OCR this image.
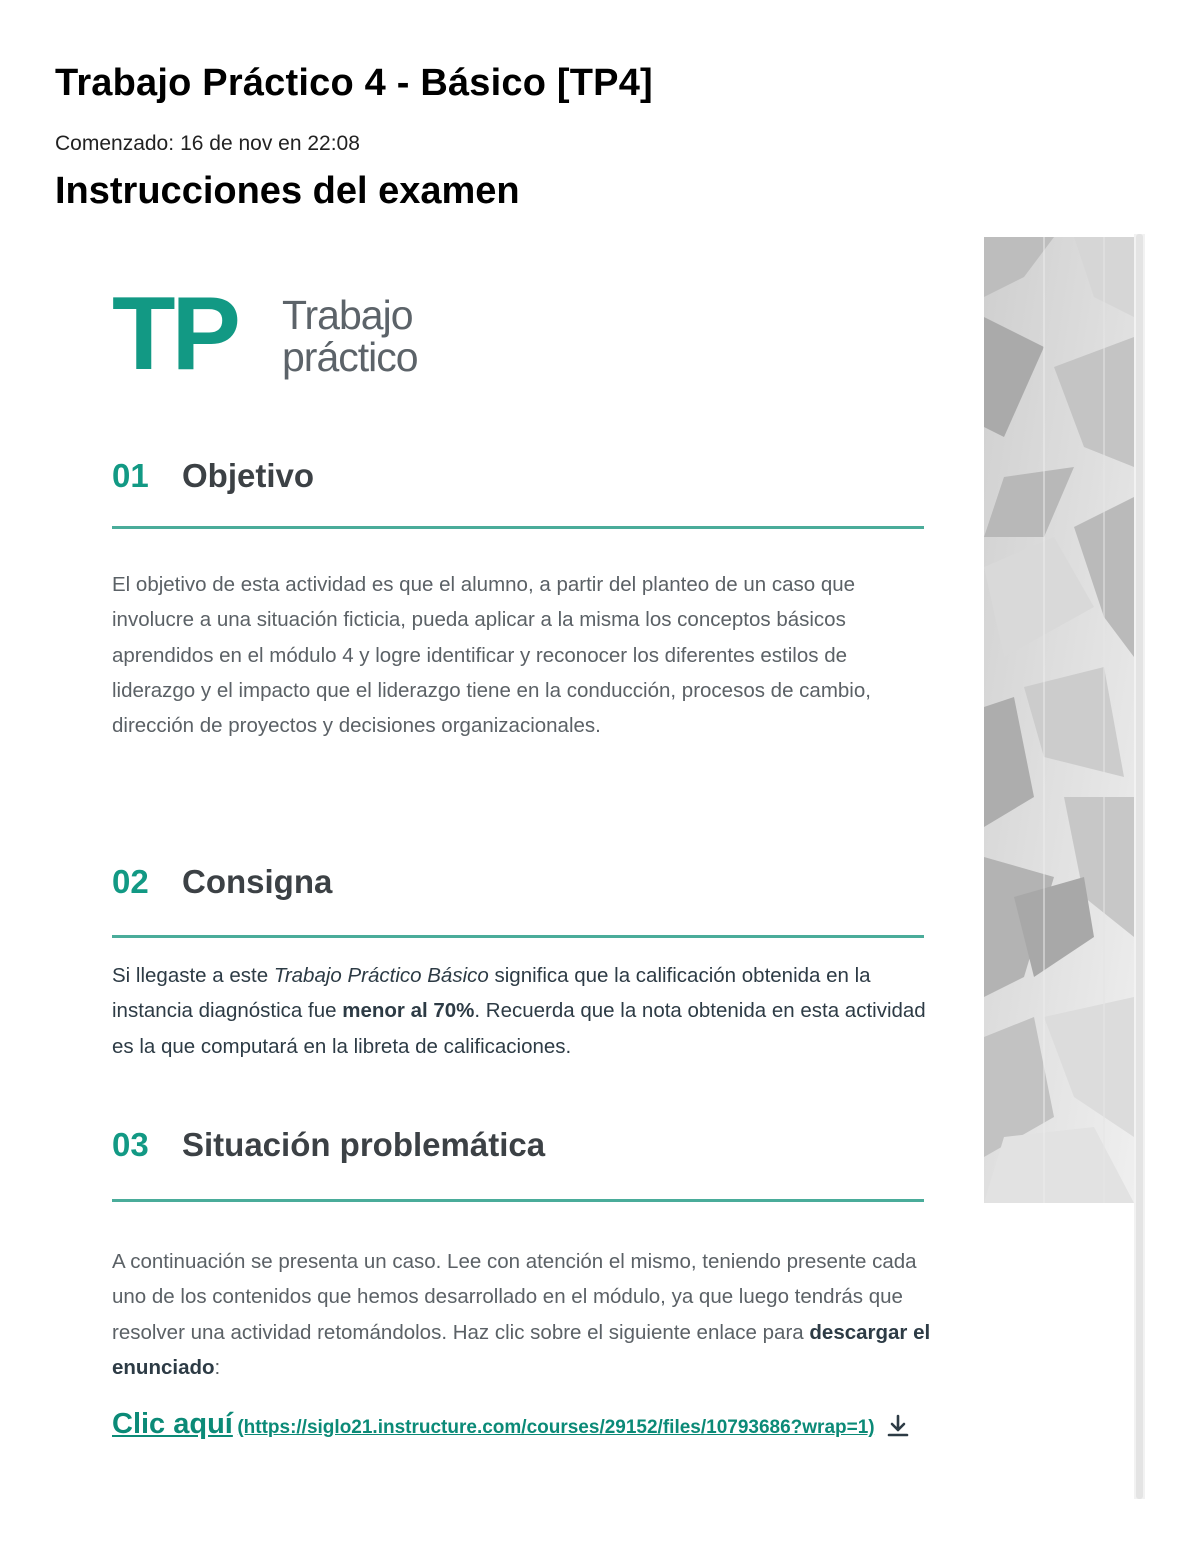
Trabajo Práctico 4 - Básico [TP4]

Comenzado: 16 de nov en 22:08

Instrucciones del examen
TP Trabajo
práctico
01 Objetivo

El objetivo de esta actividad es que el alumno, a partir del planteo de un caso que involucre a una situación ficticia, pueda aplicar a la misma los conceptos básicos aprendidos en el módulo 4 y logre identificar y reconocer los diferentes estilos de liderazgo y el impacto que el liderazgo tiene en la conducción, procesos de cambio, dirección de proyectos y decisiones organizacionales.

02 Consigna

Si llegaste a este Trabajo Práctico Básico significa que la calificación obtenida en la instancia diagnóstica fue menor al 70%. Recuerda que la nota obtenida en esta actividad es la que computará en la libreta de calificaciones.

03 Situación problemática

A continuación se presenta un caso. Lee con atención el mismo, teniendo presente cada uno de los contenidos que hemos desarrollado en el módulo, ya que luego tendrás que resolver una actividad retomándolos. Haz clic sobre el siguiente enlace para descargar el enunciado:

Clic aquí (https://siglo21.instructure.com/courses/29152/files/10793686?wrap=1)
